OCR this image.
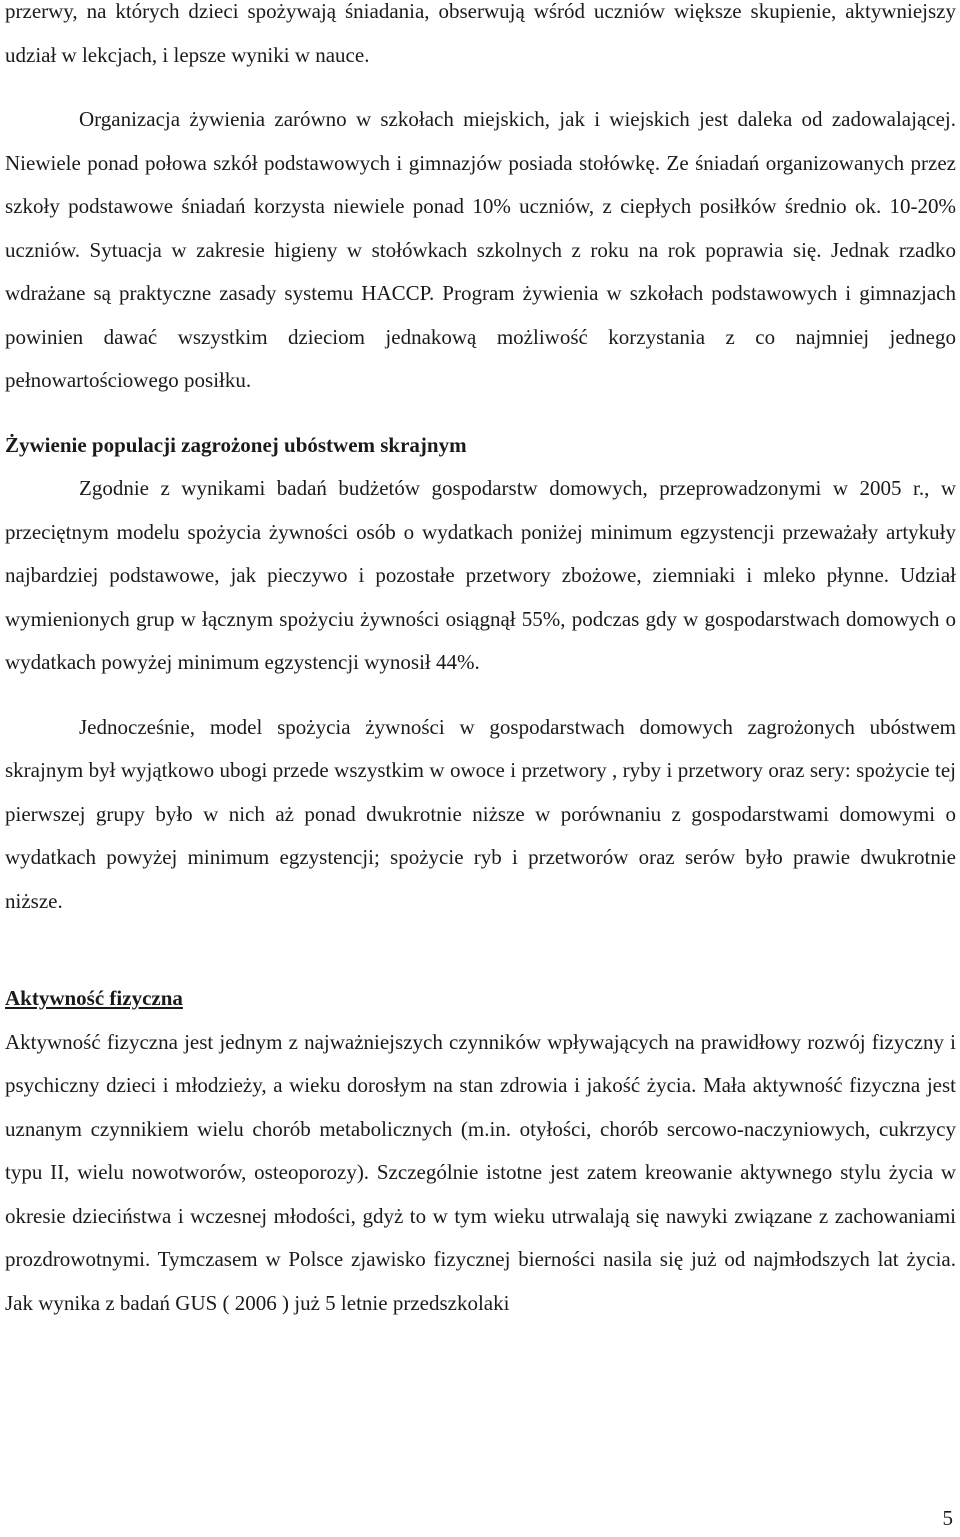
przerwy, na których dzieci spożywają śniadania, obserwują wśród uczniów większe skupienie, aktywniejszy udział w lekcjach, i lepsze wyniki w nauce.

Organizacja żywienia zarówno w szkołach miejskich, jak i wiejskich jest daleka od zadowalającej. Niewiele ponad połowa szkół podstawowych i gimnazjów posiada stołówkę. Ze śniadań organizowanych przez szkoły podstawowe śniadań korzysta niewiele ponad 10% uczniów, z ciepłych posiłków średnio ok. 10-20% uczniów. Sytuacja w zakresie higieny w stołówkach szkolnych z roku na rok poprawia się. Jednak rzadko wdrażane są praktyczne zasady systemu HACCP. Program żywienia w szkołach podstawowych i gimnazjach powinien dawać wszystkim dzieciom jednakową możliwość korzystania z co najmniej jednego pełnowartościowego posiłku.

Żywienie populacji zagrożonej ubóstwem skrajnym

Zgodnie z wynikami badań budżetów gospodarstw domowych, przeprowadzonymi w 2005 r., w przeciętnym modelu spożycia żywności osób o wydatkach poniżej minimum egzystencji przeważały artykuły najbardziej podstawowe, jak pieczywo i pozostałe przetwory zbożowe, ziemniaki i mleko płynne. Udział wymienionych grup w łącznym spożyciu żywności osiągnął 55%, podczas gdy w gospodarstwach domowych o wydatkach powyżej minimum egzystencji wynosił 44%.

Jednocześnie, model spożycia żywności w gospodarstwach domowych zagrożonych ubóstwem skrajnym był wyjątkowo ubogi przede wszystkim w owoce i przetwory , ryby i przetwory oraz sery: spożycie tej pierwszej grupy było w nich aż ponad dwukrotnie niższe w porównaniu z gospodarstwami domowymi o wydatkach powyżej minimum egzystencji; spożycie ryb i przetworów oraz serów było prawie dwukrotnie niższe.

Aktywność fizyczna

Aktywność fizyczna jest jednym z najważniejszych czynników wpływających na prawidłowy rozwój fizyczny i psychiczny dzieci i młodzieży, a wieku dorosłym na stan zdrowia i jakość życia. Mała aktywność fizyczna jest uznanym czynnikiem wielu chorób metabolicznych (m.in. otyłości, chorób sercowo-naczyniowych, cukrzycy typu II, wielu nowotworów, osteoporozy). Szczególnie istotne jest zatem kreowanie aktywnego stylu życia w okresie dzieciństwa i wczesnej młodości, gdyż to w tym wieku utrwalają się nawyki związane z zachowaniami prozdrowotnymi. Tymczasem w Polsce zjawisko fizycznej bierności nasila się już od najmłodszych lat życia. Jak wynika z badań GUS ( 2006 ) już 5 letnie przedszkolaki

5
